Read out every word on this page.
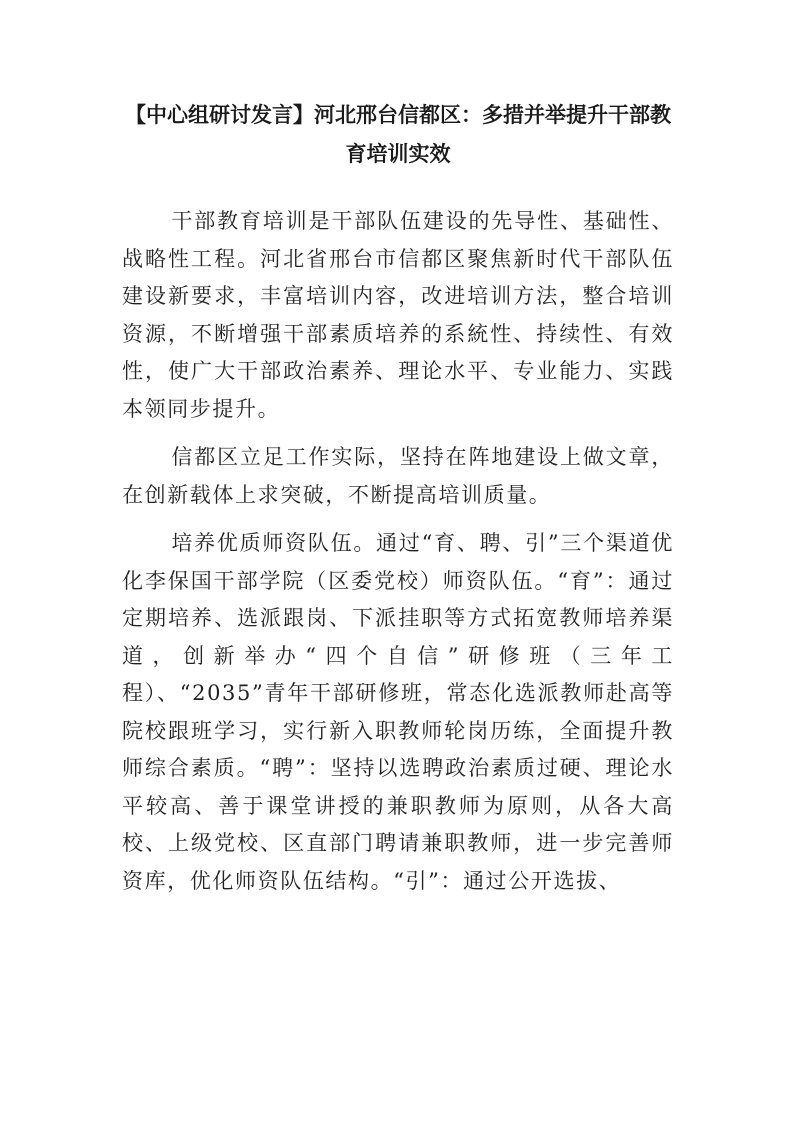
【中心组研讨发言】河北邢台信都区：多措并举提升干部教育培训实效

干部教育培训是干部队伍建设的先导性、基础性、战略性工程。河北省邢台市信都区聚焦新时代干部队伍建设新要求，丰富培训内容，改进培训方法，整合培训资源，不断增强干部素质培养的系統性、持续性、有效性，使广大干部政治素养、理论水平、专业能力、实践本领同步提升。

信都区立足工作实际，坚持在阵地建设上做文章，在创新载体上求突破，不断提高培训质量。

培养优质师资队伍。通过“育、聘、引”三个渠道优化李保国干部学院（区委党校）师资队伍。“育”：通过定期培养、选派跟岗、下派挂职等方式拓宽教师培养渠道，创新举办“四个自信”研修班（三年工程）、“2035”青年干部研修班，常态化选派教师赴高等院校跟班学习，实行新入职教师轮岗历练，全面提升教师综合素质。“聘”：坚持以选聘政治素质过硬、理论水平较高、善于课堂讲授的兼职教师为原则，从各大高校、上级党校、区直部门聘请兼职教师，进一步完善师资库，优化师资队伍结构。“引”：通过公开选拔、
